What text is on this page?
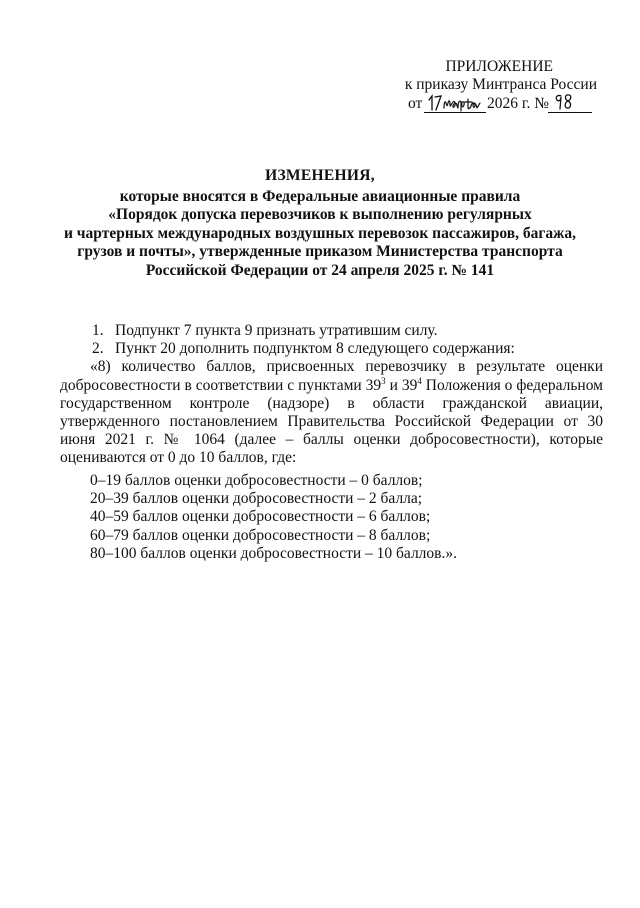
ПРИЛОЖЕНИЕ
к приказу Минтранса России
от	2026 г. №
ИЗМЕНЕНИЯ,
которые вносятся в Федеральные авиационные правила
«Порядок допуска перевозчиков к выполнению регулярных
и чартерных международных воздушных перевозок пассажиров, багажа,
грузов и почты», утвержденные приказом Министерства транспорта
Российской Федерации от 24 апреля 2025 г. № 141
1. Подпункт 7 пункта 9 признать утратившим силу.
2. Пункт 20 дополнить подпунктом 8 следующего содержания:
«8) количество баллов, присвоенных перевозчику в результате оценки добросовестности в соответствии с пунктами $39^3$ и $39^4$ Положения о федеральном государственном контроле (надзоре) в области гражданской авиации, утвержденного постановлением Правительства Российской Федерации от 30 июня 2021 г. № 1064 (далее – баллы оценки добросовестности), которые оцениваются от 0 до 10 баллов, где:
0–19 баллов оценки добросовестности – 0 баллов;
20–39 баллов оценки добросовестности – 2 балла;
40–59 баллов оценки добросовестности – 6 баллов;
60–79 баллов оценки добросовестности – 8 баллов;
80–100 баллов оценки добросовестности – 10 баллов.».
